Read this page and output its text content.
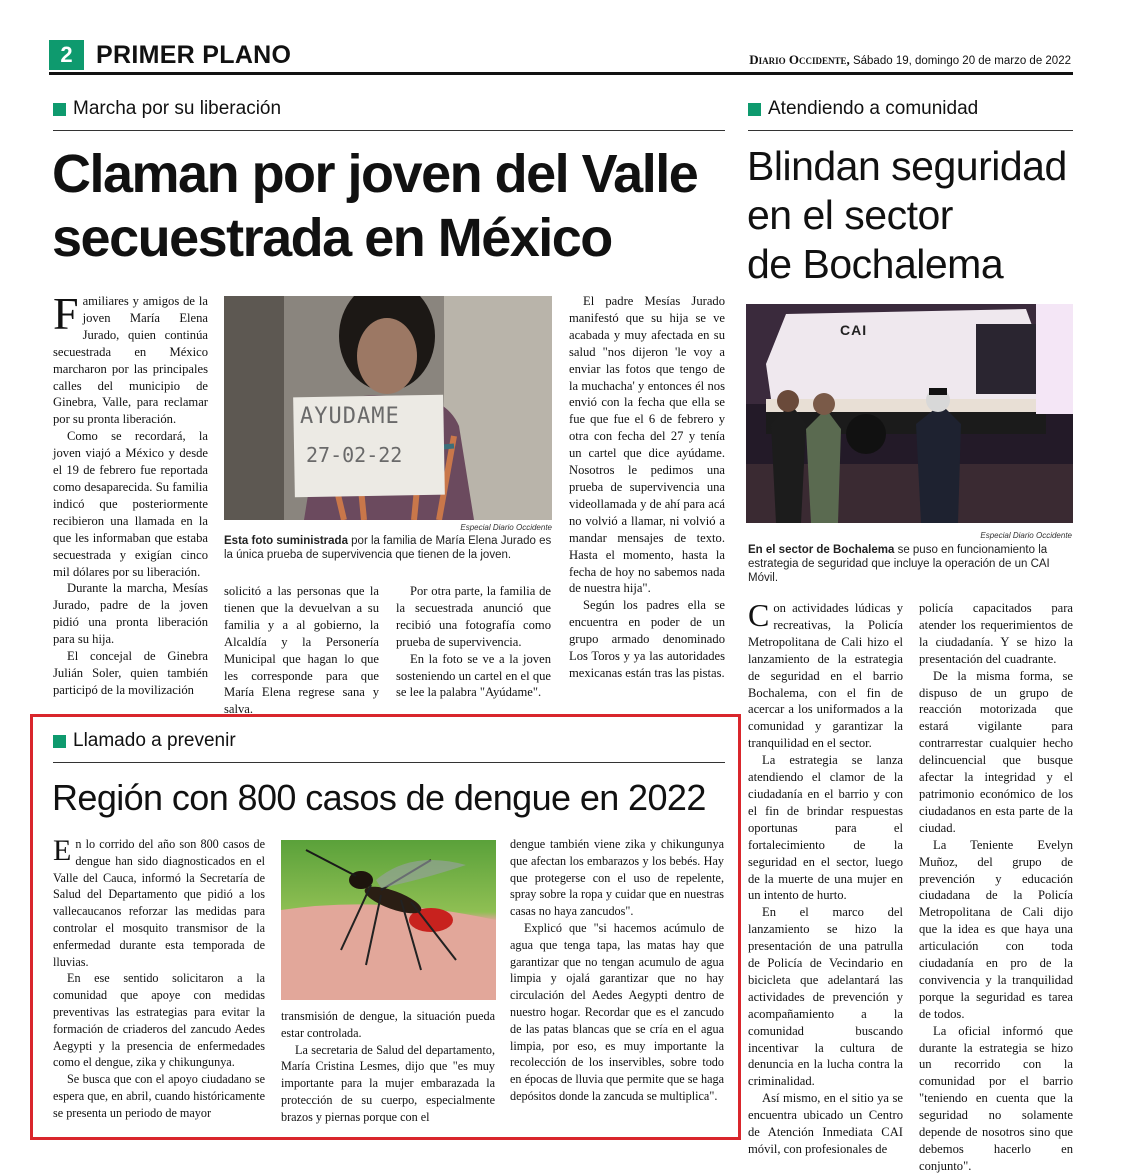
2 PRIMER PLANO	Diario Occidente, Sábado 19, domingo 20 de marzo de 2022
Marcha por su liberación
Claman por joven del Valle
secuestrada en México

Familiares y amigos de la joven María Elena Jurado, quien continúa secuestrada en México marcharon por las principales calles del municipio de Ginebra, Valle, para reclamar por su pronta liberación.

Como se recordará, la joven viajó a México y desde el 19 de febrero fue reportada como desaparecida. Su familia indicó que posteriormente recibieron una llamada en la que les informaban que estaba secuestrada y exigían cinco mil dólares por su liberación.

Durante la marcha, Mesías Jurado, padre de la joven pidió una pronta liberación para su hija.

El concejal de Ginebra Julián Soler, quien también participó de la movilización

AYUDAME
27-02-22
Especial Diario Occidente
Esta foto suministrada por la familia de María Elena Jurado es la única prueba de supervivencia que tienen de la joven.

solicitó a las personas que la tienen que la devuelvan a su familia y a al gobierno, la Alcaldía y la Personería Municipal que hagan lo que les corresponde para que María Elena regrese sana y salva.

Por otra parte, la familia de la secuestrada anunció que recibió una fotografía como prueba de supervivencia.

En la foto se ve a la joven sosteniendo un cartel en el que se lee la palabra "Ayúdame".

El padre Mesías Jurado manifestó que su hija se ve acabada y muy afectada en su salud "nos dijeron 'le voy a enviar las fotos que tengo de la muchacha' y entonces él nos envió con la fecha que ella se fue que fue el 6 de febrero y otra con fecha del 27 y tenía un cartel que dice ayúdame. Nosotros le pedimos una prueba de supervivencia una videollamada y de ahí para acá no volvió a llamar, ni volvió a mandar mensajes de texto. Hasta el momento, hasta la fecha de hoy no sabemos nada de nuestra hija".

Según los padres ella se encuentra en poder de un grupo armado denominado Los Toros y ya las autoridades mexicanas están tras las pistas.

Atendiendo a comunidad
Blindan seguridad
en el sector
de Bochalema
CAI
Especial Diario Occidente
En el sector de Bochalema se puso en funcionamiento la estrategia de seguridad que incluye la operación de un CAI Móvil.

Con actividades lúdicas y recreativas, la Policía Metropolitana de Cali hizo el lanzamiento de la estrategia de seguridad en el barrio Bochalema, con el fin de acercar a los uniformados a la comunidad y garantizar la tranquilidad en el sector.

La estrategia se lanza atendiendo el clamor de la ciudadanía en el barrio y con el fin de brindar respuestas oportunas para el fortalecimiento de la seguridad en el sector, luego de la muerte de una mujer en un intento de hurto.

En el marco del lanzamiento se hizo la presentación de una patrulla de Policía de Vecindario en bicicleta que adelantará las actividades de prevención y acompañamiento a la comunidad buscando incentivar la cultura de denuncia en la lucha contra la criminalidad.

Así mismo, en el sitio ya se encuentra ubicado un Centro de Atención Inmediata CAI móvil, con profesionales de

policía capacitados para atender los requerimientos de la ciudadanía. Y se hizo la presentación del cuadrante.

De la misma forma, se dispuso de un grupo de reacción motorizada que estará vigilante para contrarrestar cualquier hecho delincuencial que busque afectar la integridad y el patrimonio económico de los ciudadanos en esta parte de la ciudad.

La Teniente Evelyn Muñoz, del grupo de prevención y educación ciudadana de la Policía Metropolitana de Cali dijo que la idea es que haya una articulación con toda ciudadanía en pro de la convivencia y la tranquilidad porque la seguridad es tarea de todos.

La oficial informó que durante la estrategia se hizo un recorrido con la comunidad por el barrio "teniendo en cuenta que la seguridad no solamente depende de nosotros sino que debemos hacerlo en conjunto".

Llamado a prevenir
Región con 800 casos de dengue en 2022

En lo corrido del año son 800 casos de dengue han sido diagnosticados en el Valle del Cauca, informó la Secretaría de Salud del Departamento que pidió a los vallecaucanos reforzar las medidas para controlar el mosquito transmisor de la enfermedad durante esta temporada de lluvias.

En ese sentido solicitaron a la comunidad que apoye con medidas preventivas las estrategias para evitar la formación de criaderos del zancudo Aedes Aegypti y la presencia de enfermedades como el dengue, zika y chikungunya.

Se busca que con el apoyo ciudadano se espera que, en abril, cuando históricamente se presenta un periodo de mayor

transmisión de dengue, la situación pueda estar controlada.

La secretaria de Salud del departamento, María Cristina Lesmes, dijo que "es muy importante para la mujer embarazada la protección de su cuerpo, especialmente brazos y piernas porque con el

dengue también viene zika y chikungunya que afectan los embarazos y los bebés. Hay que protegerse con el uso de repelente, spray sobre la ropa y cuidar que en nuestras casas no haya zancudos".

Explicó que "si hacemos acúmulo de agua que tenga tapa, las matas hay que garantizar que no tengan acumulo de agua limpia y ojalá garantizar que no hay circulación del Aedes Aegypti dentro de nuestro hogar. Recordar que es el zancudo de las patas blancas que se cría en el agua limpia, por eso, es muy importante la recolección de los inservibles, sobre todo en épocas de lluvia que permite que se haga depósitos donde la zancuda se multiplica".
